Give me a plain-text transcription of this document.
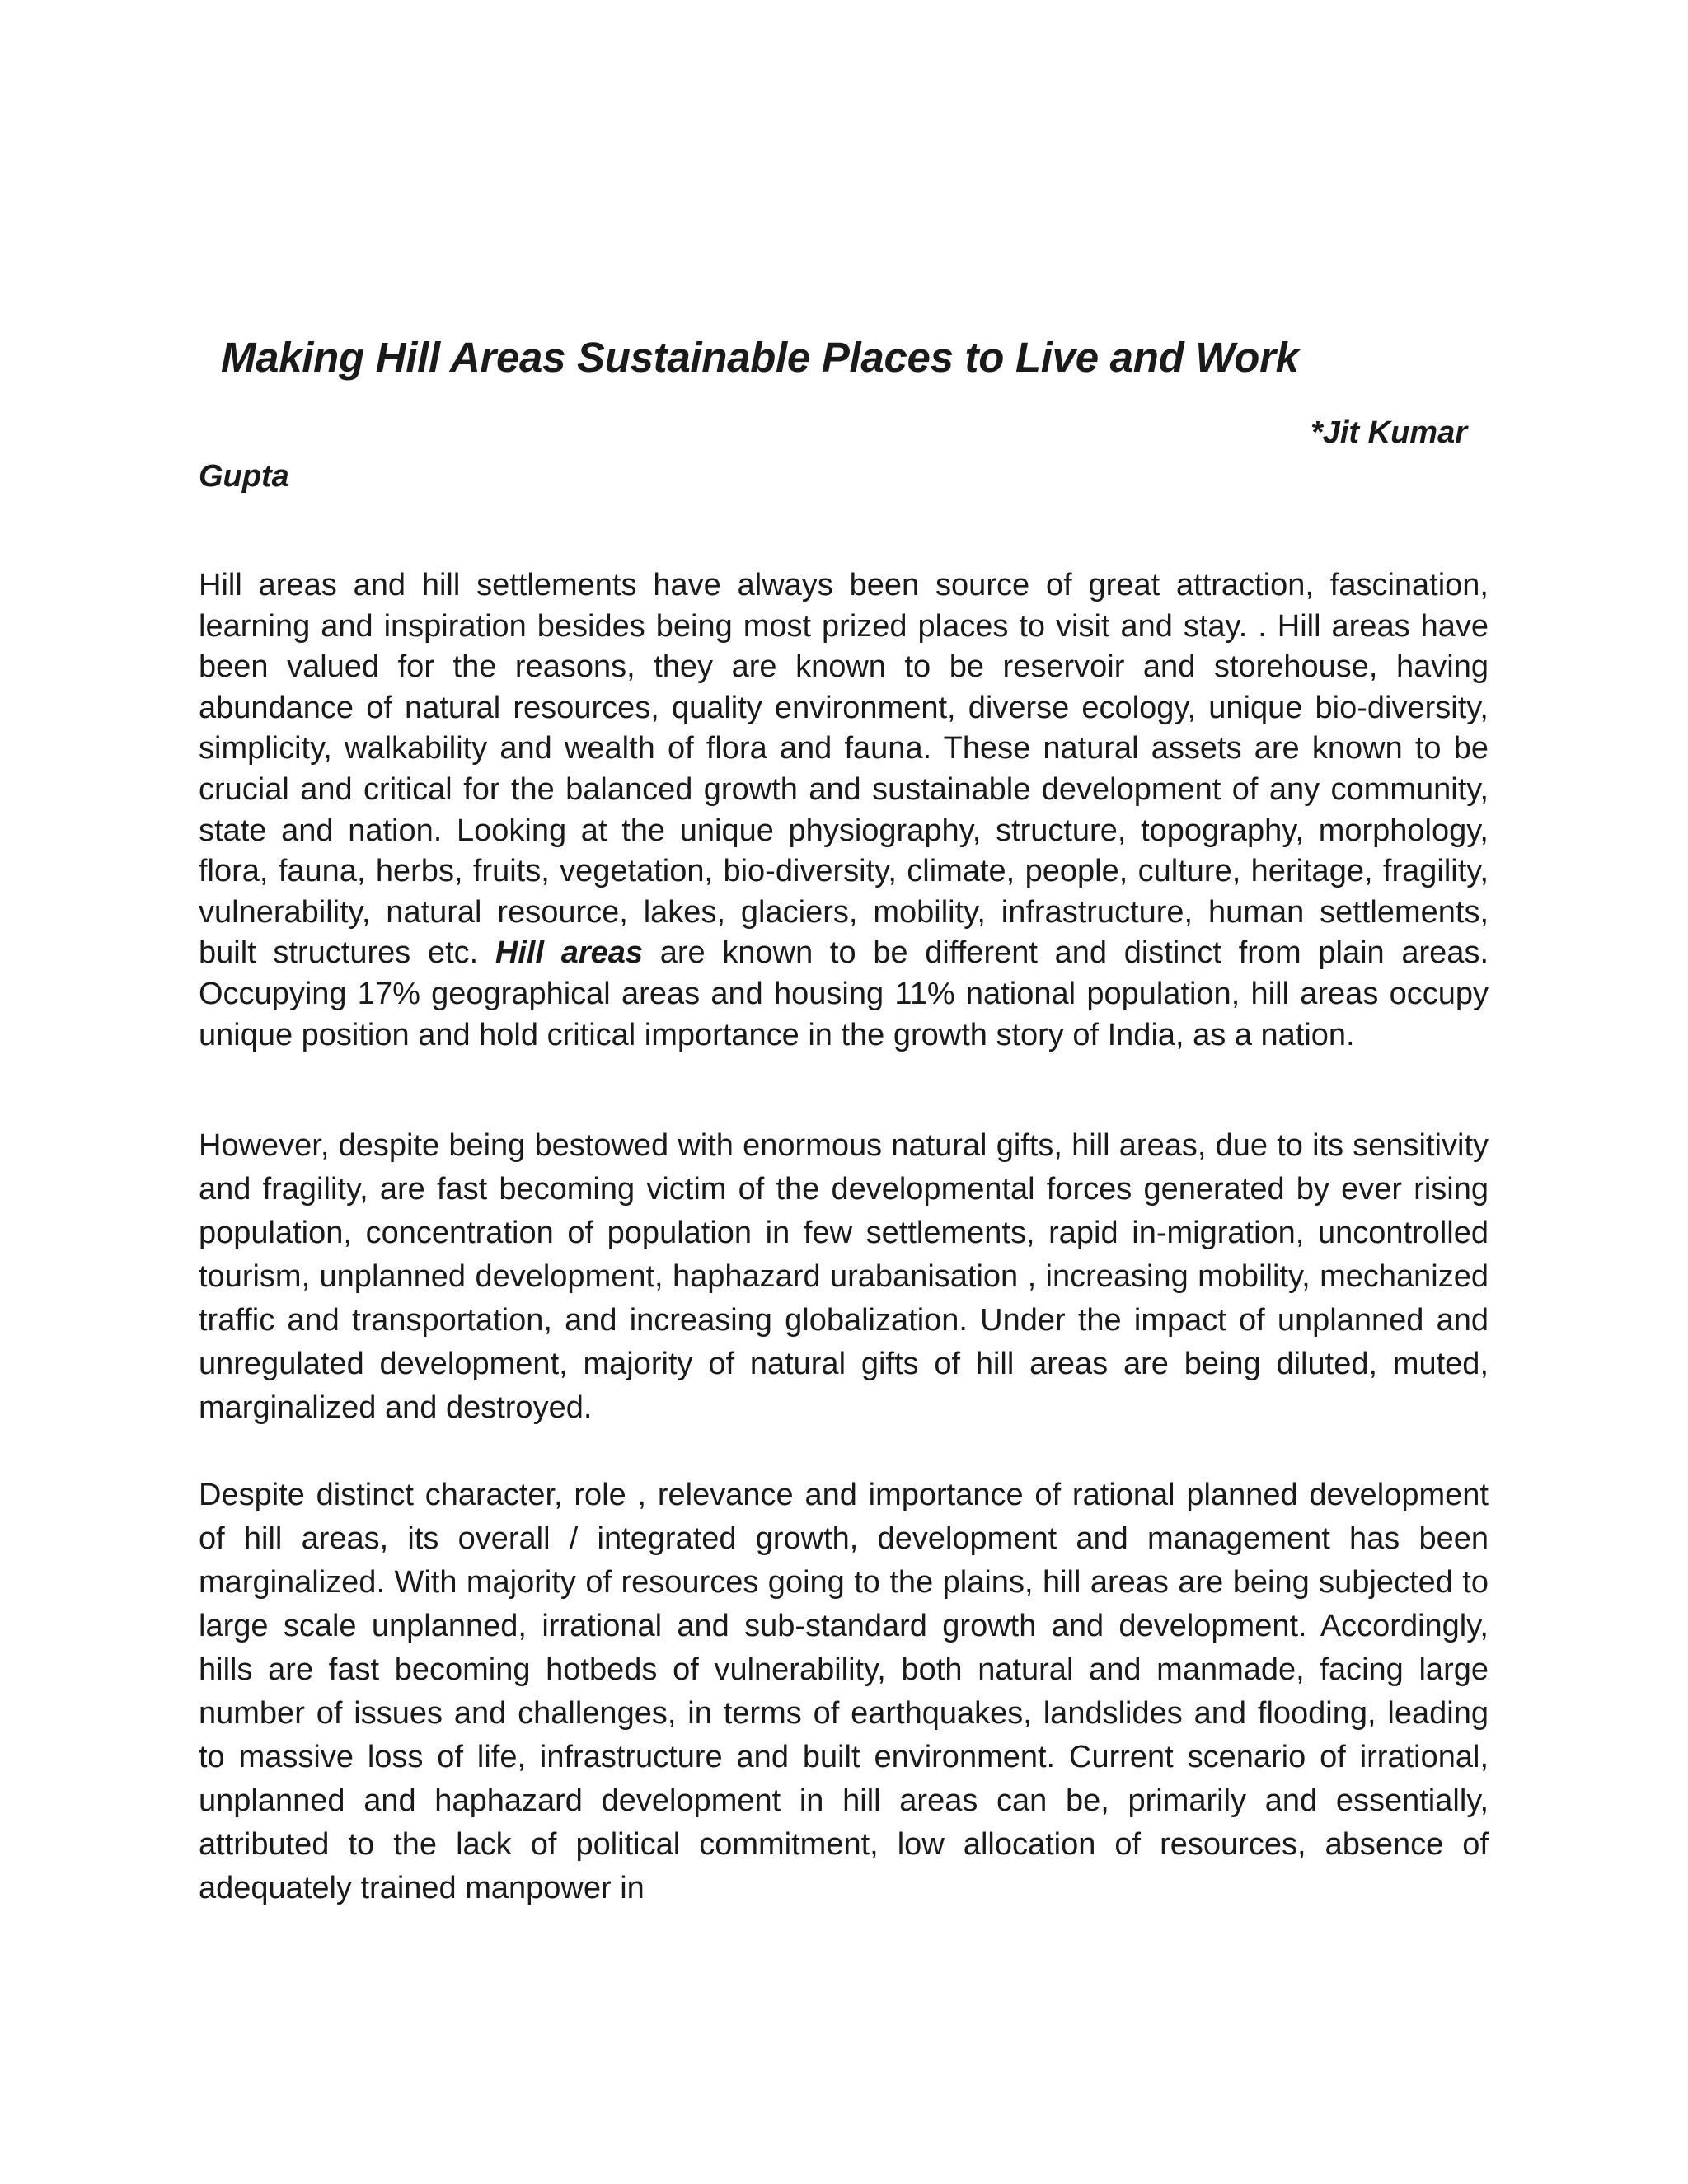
Making Hill Areas Sustainable Places to Live and Work
*Jit Kumar
Gupta

Hill areas and hill settlements have always been source of great attraction, fascination, learning and inspiration besides being most prized places to visit and stay. . Hill areas have been valued for the reasons, they are known to be reservoir and storehouse, having abundance of natural resources, quality environment, diverse ecology, unique bio-diversity, simplicity, walkability and wealth of flora and fauna. These natural assets are known to be crucial and critical for the balanced growth and sustainable development of any community, state and nation. Looking at the unique physiography, structure, topography, morphology, flora, fauna, herbs, fruits, vegetation, bio-diversity, climate, people, culture, heritage, fragility, vulnerability, natural resource, lakes, glaciers, mobility, infrastructure, human settlements, built structures etc. Hill areas are known to be different and distinct from plain areas. Occupying 17% geographical areas and housing 11% national population, hill areas occupy unique position and hold critical importance in the growth story of India, as a nation.

However, despite being bestowed with enormous natural gifts, hill areas, due to its sensitivity and fragility, are fast becoming victim of the developmental forces generated by ever rising population, concentration of population in few settlements, rapid in-migration, uncontrolled tourism, unplanned development, haphazard urabanisation , increasing mobility, mechanized traffic and transportation, and increasing globalization. Under the impact of unplanned and unregulated development, majority of natural gifts of hill areas are being diluted, muted, marginalized and destroyed.

Despite distinct character, role , relevance and importance of rational planned development of hill areas, its overall / integrated growth, development and management has been marginalized. With majority of resources going to the plains, hill areas are being subjected to large scale unplanned, irrational and sub-standard growth and development. Accordingly, hills are fast becoming hotbeds of vulnerability, both natural and manmade, facing large number of issues and challenges, in terms of earthquakes, landslides and flooding, leading to massive loss of life, infrastructure and built environment. Current scenario of irrational, unplanned and haphazard development in hill areas can be, primarily and essentially, attributed to the lack of political commitment, low allocation of resources, absence of adequately trained manpower in
